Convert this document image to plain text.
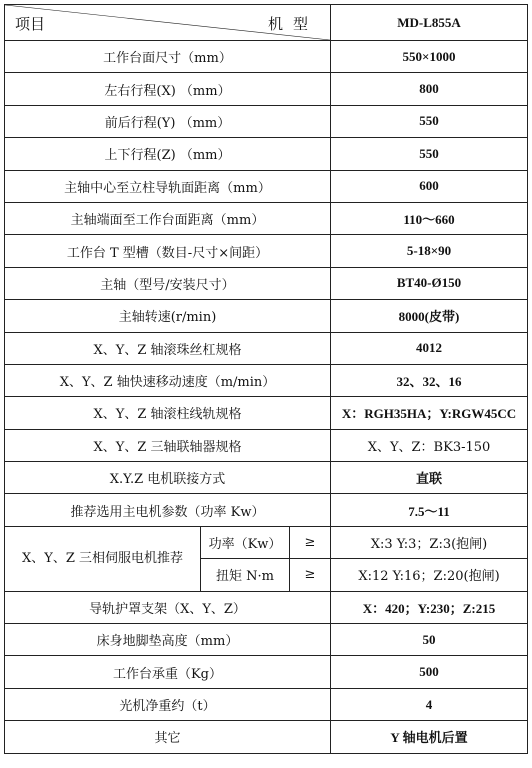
项目 机型			MD-L855A
工作台面尺寸（mm）			550×1000
左右行程(X) （mm）			800
前后行程(Y) （mm）			550
上下行程(Z) （mm）			550
主轴中心至立柱导轨面距离（mm）			600
主轴端面至工作台面距离（mm）			110～660
工作台 T 型槽（数目-尺寸×间距）			5-18×90
主轴（型号/安装尺寸）			BT40-Ø150
主轴转速(r/min)			8000(皮带)
X、Y、Z 轴滚珠丝杠规格			4012
X、Y、Z 轴快速移动速度（m/min）			32、32、16
X、Y、Z 轴滚柱线轨规格			X：RGH35HA；Y:RGW45CC
X、Y、Z 三轴联轴器规格			X、Y、Z：BK3-150
X.Y.Z 电机联接方式			直联
推荐选用主电机参数（功率 Kw）			7.5～11
X、Y、Z 三相伺服电机推荐	功率（Kw）	≥	X:3 Y:3；Z:3(抱闸)
	扭矩 N·m	≥	X:12 Y:16；Z:20(抱闸)
导轨护罩支架（X、Y、Z）			X：420；Y:230；Z:215
床身地脚垫高度（mm）			50
工作台承重（Kg）			500
光机净重约（t）			4
其它			Y 轴电机后置
